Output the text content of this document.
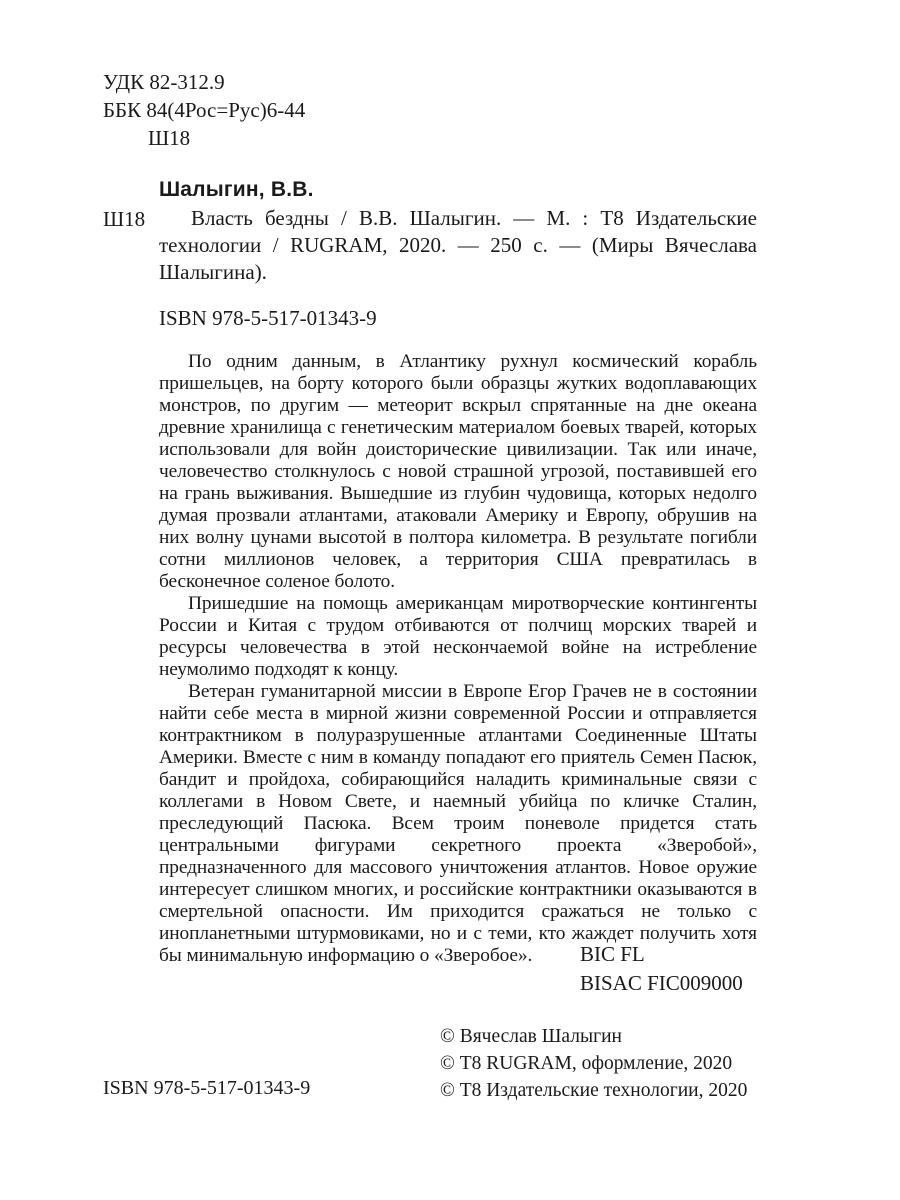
УДК 82-312.9
ББК 84(4Рос=Рус)6-44
Ш18
Шалыгин, В.В.
Ш18	Власть бездны / В.В. Шалыгин. — М. : Т8 Издательские технологии / RUGRAM, 2020. — 250 с. — (Миры Вячеслава Шалыгина).
ISBN 978-5-517-01343-9

По одним данным, в Атлантику рухнул космический корабль пришельцев, на борту которого были образцы жутких водоплавающих монстров, по другим — метеорит вскрыл спрятанные на дне океана древние хранилища с генетическим материалом боевых тварей, которых использовали для войн доисторические цивилизации. Так или иначе, человечество столкнулось с новой страшной угрозой, поставившей его на грань выживания. Вышедшие из глубин чудовища, которых недолго думая прозвали атлантами, атаковали Америку и Европу, обрушив на них волну цунами высотой в полтора километра. В результате погибли сотни миллионов человек, а территория США превратилась в бесконечное соленое болото.

Пришедшие на помощь американцам миротворческие контингенты России и Китая с трудом отбиваются от полчищ морских тварей и ресурсы человечества в этой нескончаемой войне на истребление неумолимо подходят к концу.

Ветеран гуманитарной миссии в Европе Егор Грачев не в состоянии найти себе места в мирной жизни современной России и отправляется контрактником в полуразрушенные атлантами Соединенные Штаты Америки. Вместе с ним в команду попадают его приятель Семен Пасюк, бандит и пройдоха, собирающийся наладить криминальные связи с коллегами в Новом Свете, и наемный убийца по кличке Сталин, преследующий Пасюка. Всем троим поневоле придется стать центральными фигурами секретного проекта «Зверобой», предназначенного для массового уничтожения атлантов. Новое оружие интересует слишком многих, и российские контрактники оказываются в смертельной опасности. Им приходится сражаться не только с инопланетными штурмовиками, но и с теми, кто жаждет получить хотя бы минимальную информацию о «Зверобое».	BIC FL
BISAC FIC009000
© Вячеслав Шалыгин
© Т8 RUGRAM, оформление, 2020
© Т8 Издательские технологии, 2020
ISBN 978-5-517-01343-9
